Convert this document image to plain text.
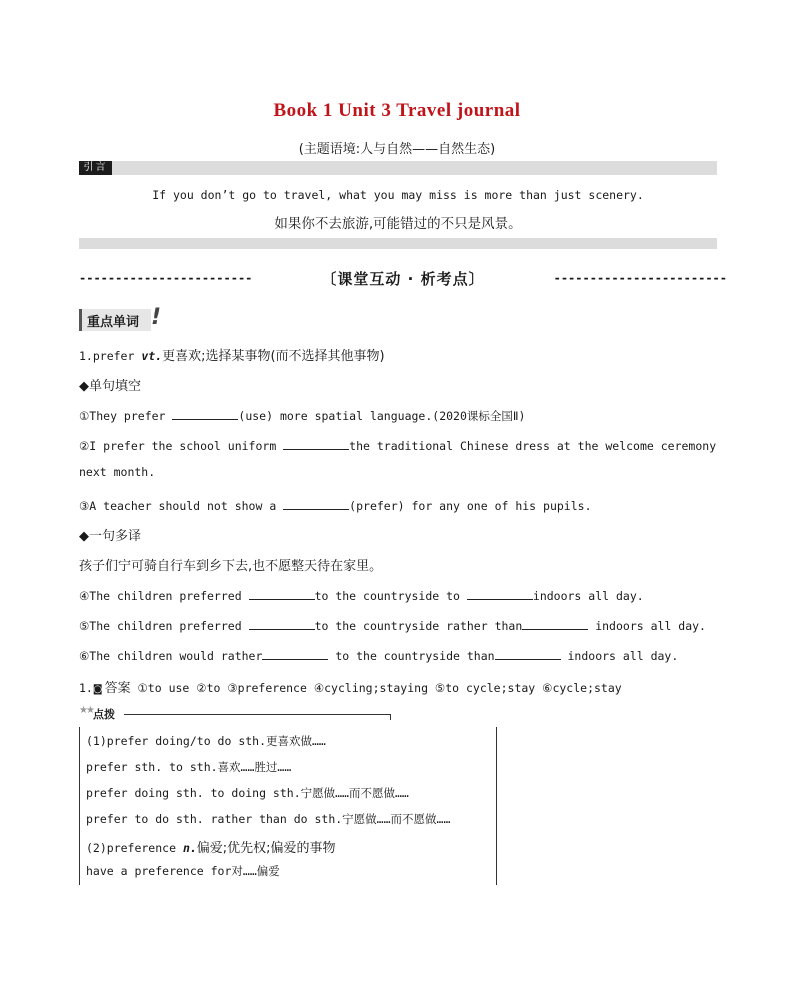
Book 1 Unit 3 Travel journal
(主题语境:人与自然——自然生态)
引言
If you don’t go to travel, what you may miss is more than just scenery.
如果你不去旅游,可能错过的不只是风景。
------------------------	〔课堂互动 · 析考点〕	------------------------
重点单词 !
1.prefer vt.更喜欢;选择某事物(而不选择其他事物)
◆单句填空
①They prefer	(use) more spatial language.(2020课标全国Ⅱ)
②I prefer the school uniform	the traditional Chinese dress at the welcome ceremony
next month.
③A teacher should not show a	(prefer) for any one of his pupils.
◆一句多译
孩子们宁可骑自行车到乡下去,也不愿整天待在家里。
④The children preferred	to the countryside to	indoors all day.
⑤The children preferred	to the countryside rather than	indoors all day.
⑥The children would rather	to the countryside than	indoors all day.
1.◙ 答案 ①to use ②to ③preference ④cycling;staying ⑤to cycle;stay ⑥cycle;stay
★★ 点拨
(1)prefer doing/to do sth.更喜欢做……
prefer sth. to sth.喜欢……胜过……
prefer doing sth. to doing sth.宁愿做……而不愿做……
prefer to do sth. rather than do sth.宁愿做……而不愿做……
(2)preference n.偏爱;优先权;偏爱的事物
have a preference for对……偏爱
